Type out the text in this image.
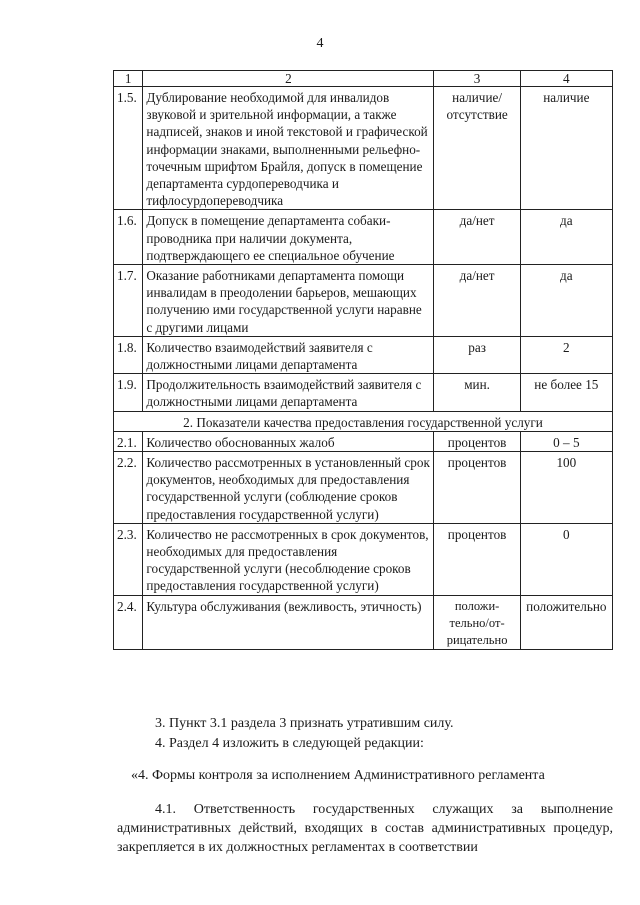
4
1	2	3	4
1.5.	Дублирование необходимой для инвалидов звуковой и зрительной информации, а также надписей, знаков и иной текстовой и графической информации знаками, выполненными рельефно-точечным шрифтом Брайля, допуск в помещение департамента сурдопереводчика и тифлосурдопереводчика	наличие/ отсутствие	наличие
1.6.	Допуск в помещение департамента собаки-проводника при наличии документа, подтверждающего ее специальное обучение	да/нет	да
1.7.	Оказание работниками департамента помощи инвалидам в преодолении барьеров, мешающих получению ими государственной услуги наравне с другими лицами	да/нет	да
1.8.	Количество взаимодействий заявителя с должностными лицами департамента	раз	2
1.9.	Продолжительность взаимодействий заявителя с должностными лицами департамента	мин.	не более 15
2. Показатели качества предоставления государственной услуги			
2.1.	Количество обоснованных жалоб	процентов	0 – 5
2.2.	Количество рассмотренных в установленный срок документов, необходимых для предоставления государственной услуги (соблюдение сроков предоставления государственной услуги)	процентов	100
2.3.	Количество не рассмотренных в срок документов, необходимых для предоставления государственной услуги (несоблюдение сроков предоставления государственной услуги)	процентов	0
2.4.	Культура обслуживания (вежливость, этичность)	положи-тельно/от-рицательно	положительно
3. Пункт 3.1 раздела 3 признать утратившим силу.
4. Раздел 4 изложить в следующей редакции:
«4. Формы контроля за исполнением Административного регламента
4.1. Ответственность государственных служащих за выполнение административных действий, входящих в состав административных процедур, закрепляется в их должностных регламентах в соответствии
